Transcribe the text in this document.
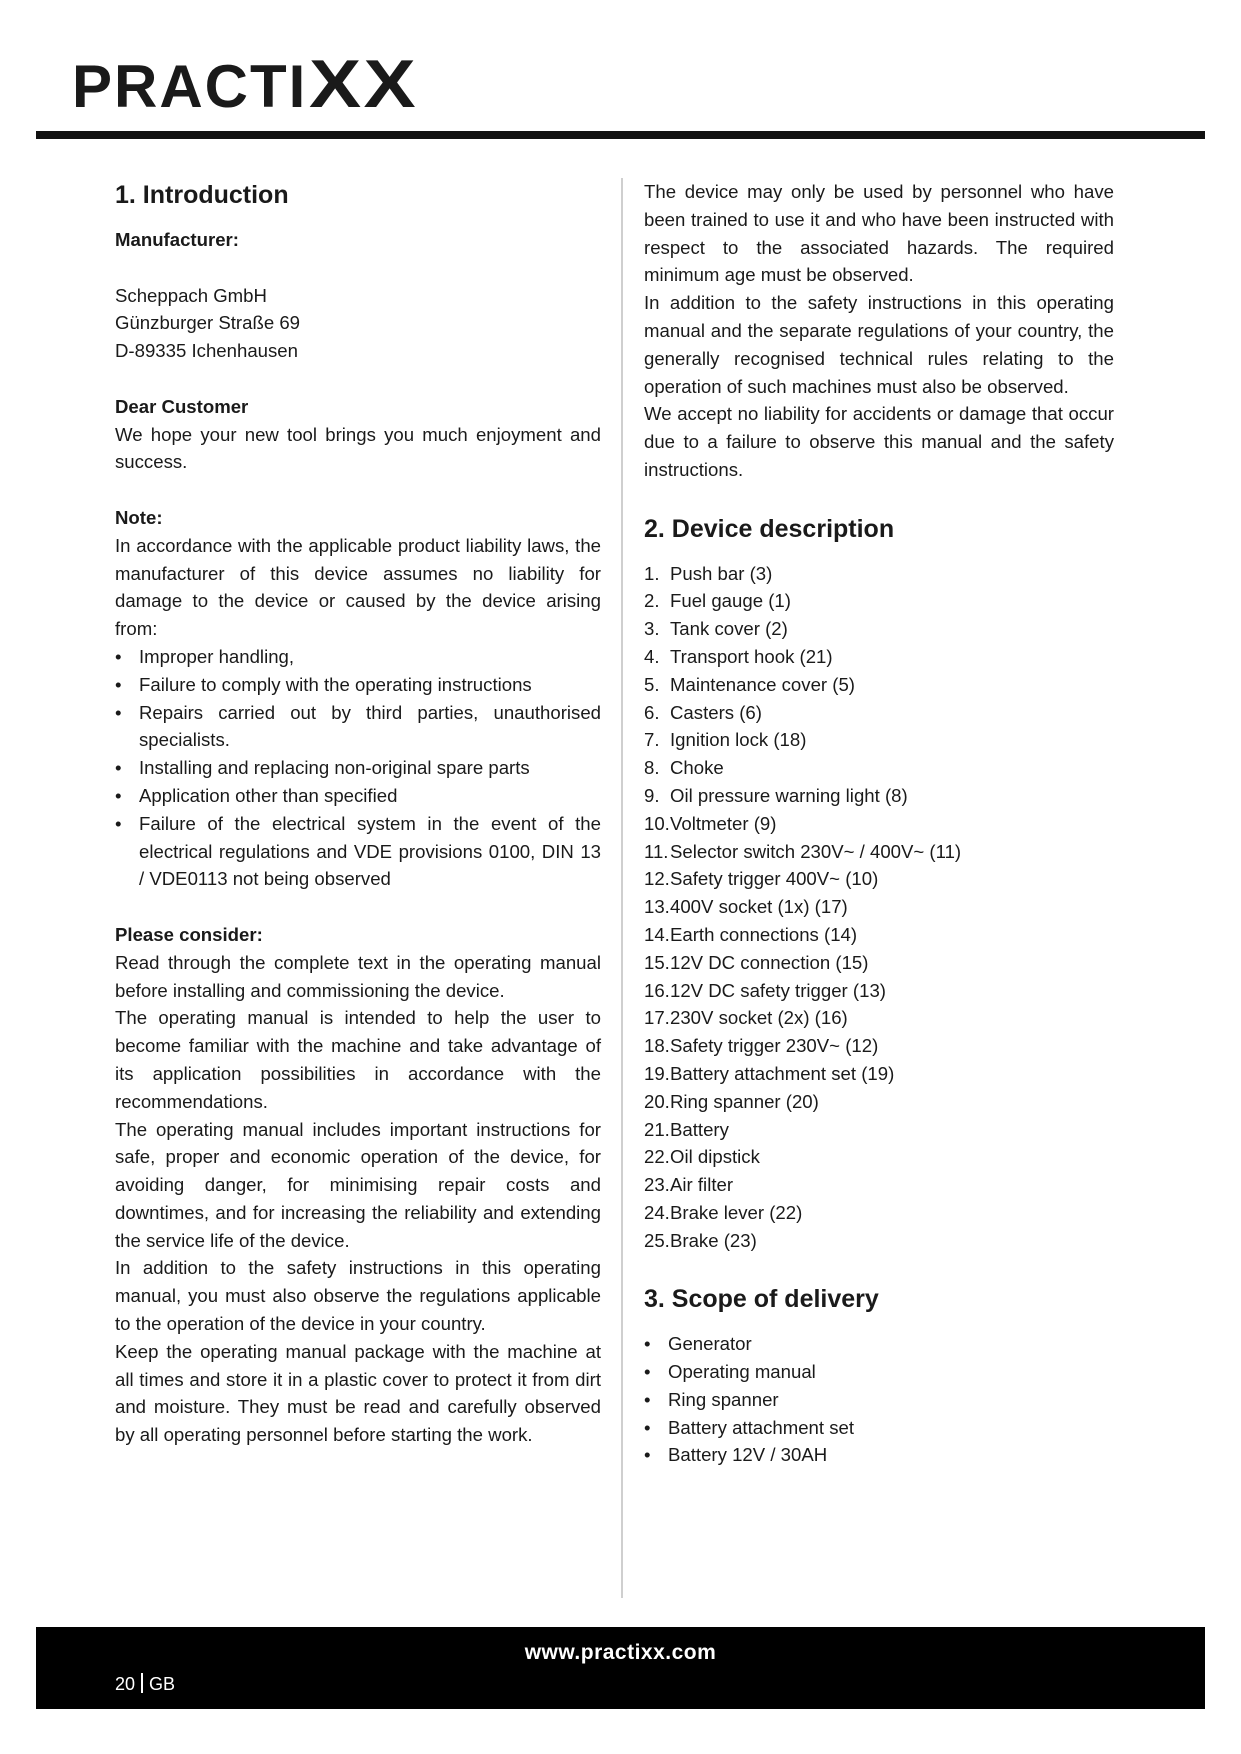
PRACTIXX
1. Introduction

Manufacturer:

Scheppach GmbH

Günzburger Straße 69

D-89335 Ichenhausen

Dear Customer

We hope your new tool brings you much enjoyment and success.

Note:

In accordance with the applicable product liability laws, the manufacturer of this device assumes no liability for damage to the device or caused by the device arising from:

• Improper handling,
• Failure to comply with the operating instructions
• Repairs carried out by third parties, unauthorised specialists.
• Installing and replacing non-original spare parts
• Application other than specified
• Failure of the electrical system in the event of the electrical regulations and VDE provisions 0100, DIN 13 / VDE0113 not being observed

Please consider:

Read through the complete text in the operating manual before installing and commissioning the device.

The operating manual is intended to help the user to become familiar with the machine and take advantage of its application possibilities in accordance with the recommendations.

The operating manual includes important instructions for safe, proper and economic operation of the device, for avoiding danger, for minimising repair costs and downtimes, and for increasing the reliability and extending the service life of the device.

In addition to the safety instructions in this operating manual, you must also observe the regulations applicable to the operation of the device in your country.

Keep the operating manual package with the machine at all times and store it in a plastic cover to protect it from dirt and moisture. They must be read and carefully observed by all operating personnel before starting the work.

The device may only be used by personnel who have been trained to use it and who have been instructed with respect to the associated hazards. The required minimum age must be observed.

In addition to the safety instructions in this operating manual and the separate regulations of your country, the generally recognised technical rules relating to the operation of such machines must also be observed.

We accept no liability for accidents or damage that occur due to a failure to observe this manual and the safety instructions.

2. Device description
1. Push bar (3)
2. Fuel gauge (1)
3. Tank cover (2)
4. Transport hook (21)
5. Maintenance cover (5)
6. Casters (6)
7. Ignition lock (18)
8. Choke
9. Oil pressure warning light (8)
10. Voltmeter (9)
11. Selector switch 230V~ / 400V~ (11)
12. Safety trigger 400V~ (10)
13. 400V socket (1x) (17)
14. Earth connections (14)
15. 12V DC connection (15)
16. 12V DC safety trigger (13)
17. 230V socket (2x) (16)
18. Safety trigger 230V~ (12)
19. Battery attachment set (19)
20. Ring spanner (20)
21. Battery
22. Oil dipstick
23. Air filter
24. Brake lever (22)
25. Brake (23)
3. Scope of delivery
• Generator
• Operating manual
• Ring spanner
• Battery attachment set
• Battery 12V / 30AH
www.practixx.com
20 GB
